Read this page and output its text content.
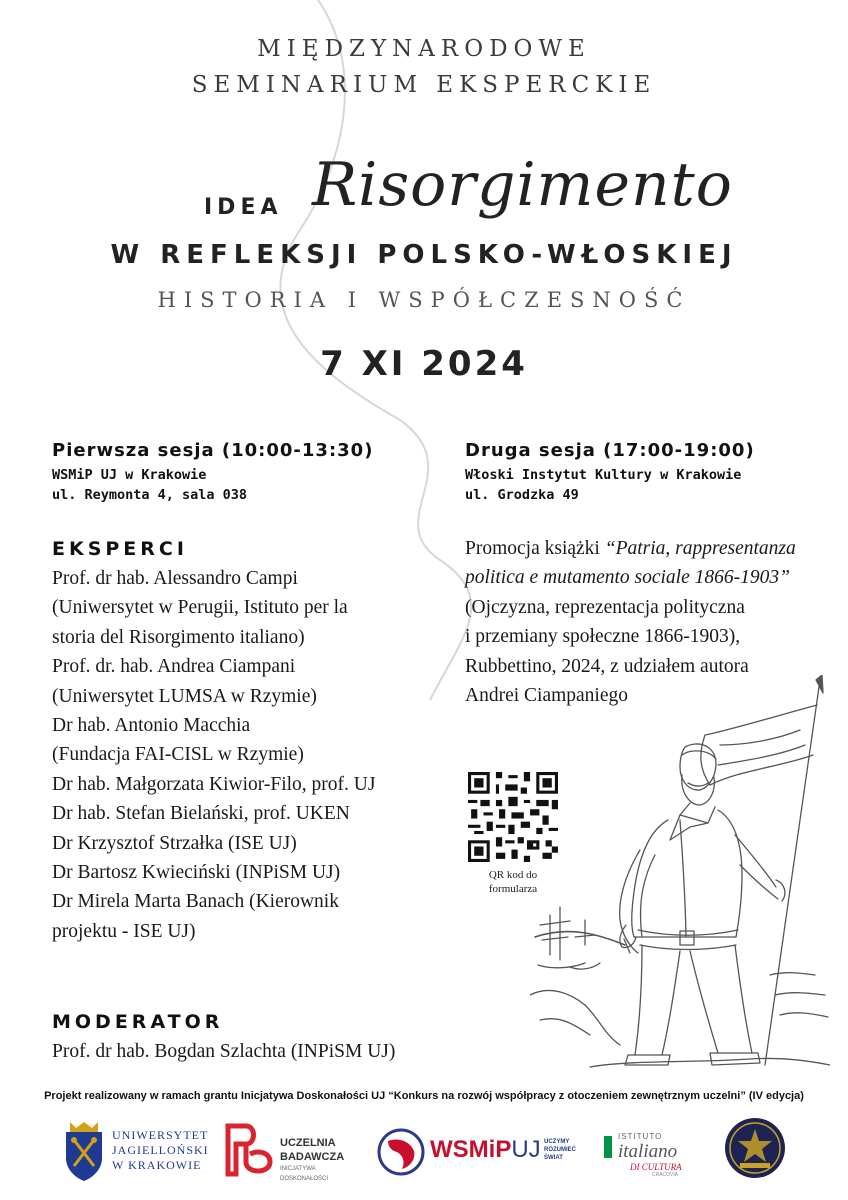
MIĘDZYNARODOWE
SEMINARIUM EKSPERCKIE
IDEA Risorgimento
W REFLEKSJI POLSKO-WŁOSKIEJ
HISTORIA I WSPÓŁCZESNOŚĆ
7 XI 2024
Pierwsza sesja (10:00-13:30)
WSMiP UJ w Krakowie
ul. Reymonta 4, sala 038
Druga sesja (17:00-19:00)
Włoski Instytut Kultury w Krakowie
ul. Grodzka 49
EKSPERCI
Prof. dr hab. Alessandro Campi
(Uniwersytet w Perugii, Istituto per la
storia del Risorgimento italiano)
Prof. dr. hab. Andrea Ciampani
(Uniwersytet LUMSA w Rzymie)
Dr hab. Antonio Macchia
(Fundacja FAI-CISL w Rzymie)
Dr hab. Małgorzata Kiwior-Filo, prof. UJ
Dr hab. Stefan Bielański, prof. UKEN
Dr Krzysztof Strzałka (ISE UJ)
Dr Bartosz Kwieciński (INPiSM UJ)
Dr Mirela Marta Banach (Kierownik
projektu - ISE UJ)
MODERATOR
Prof. dr hab. Bogdan Szlachta (INPiSM UJ)
Promocja książki “Patria, rappresentanza
politica e mutamento sociale 1866-1903”
(Ojczyzna, reprezentacja polityczna
i przemiany społeczne 1866-1903),
Rubbettino, 2024, z udziałem autora
Andrei Ciampaniego
QR kod do
formularza
Projekt realizowany w ramach grantu Inicjatywa Doskonałości UJ “Konkurs na rozwój współpracy z otoczeniem zewnętrznym uczelni” (IV edycja)
UNIWERSYTET
JAGIELLOŃSKI
W KRAKOWIE
UCZELNIA
BADAWCZA
INICJATYWA DOSKONAŁOŚCI
WSMiPUJ UCZYMY
ROZUMIEĆ
ŚWIAT
ISTITUTO
italiano
DI CULTURA
CRACOVIA
